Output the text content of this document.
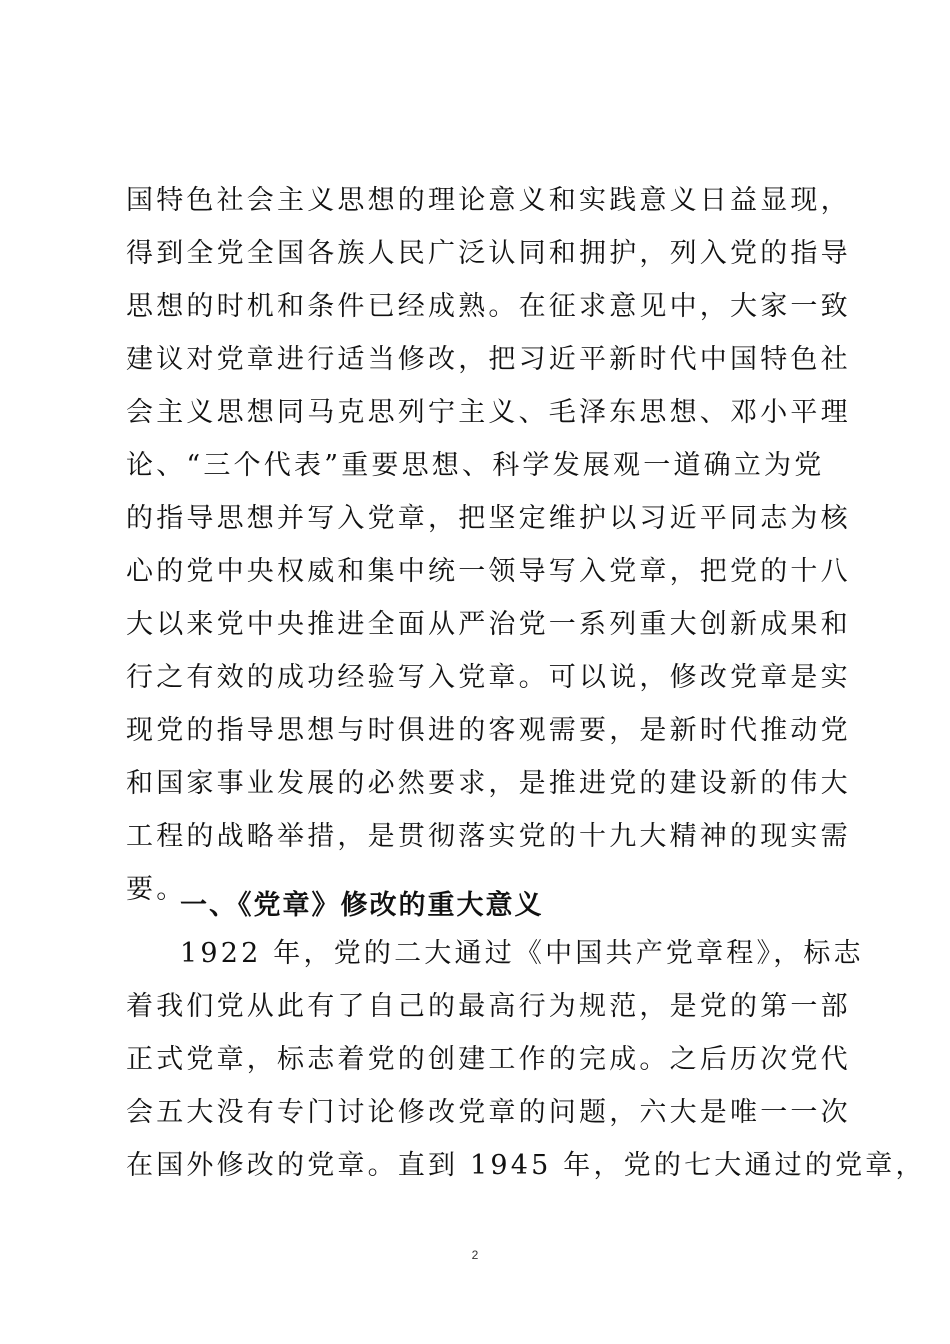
国特色社会主义思想的理论意义和实践意义日益显现，
得到全党全国各族人民广泛认同和拥护，列入党的指导
思想的时机和条件已经成熟。在征求意见中，大家一致
建议对党章进行适当修改，把习近平新时代中国特色社
会主义思想同马克思列宁主义、毛泽东思想、邓小平理
论、“三个代表”重要思想、科学发展观一道确立为党
的指导思想并写入党章，把坚定维护以习近平同志为核
心的党中央权威和集中统一领导写入党章，把党的十八
大以来党中央推进全面从严治党一系列重大创新成果和
行之有效的成功经验写入党章。可以说，修改党章是实
现党的指导思想与时俱进的客观需要，是新时代推动党
和国家事业发展的必然要求，是推进党的建设新的伟大
工程的战略举措，是贯彻落实党的十九大精神的现实需
要。
一、《党章》修改的重大意义
1922 年，党的二大通过《中国共产党章程》，标志
着我们党从此有了自己的最高行为规范，是党的第一部
正式党章，标志着党的创建工作的完成。之后历次党代
会五大没有专门讨论修改党章的问题，六大是唯一一次
在国外修改的党章。直到 1945 年，党的七大通过的党章，
2
